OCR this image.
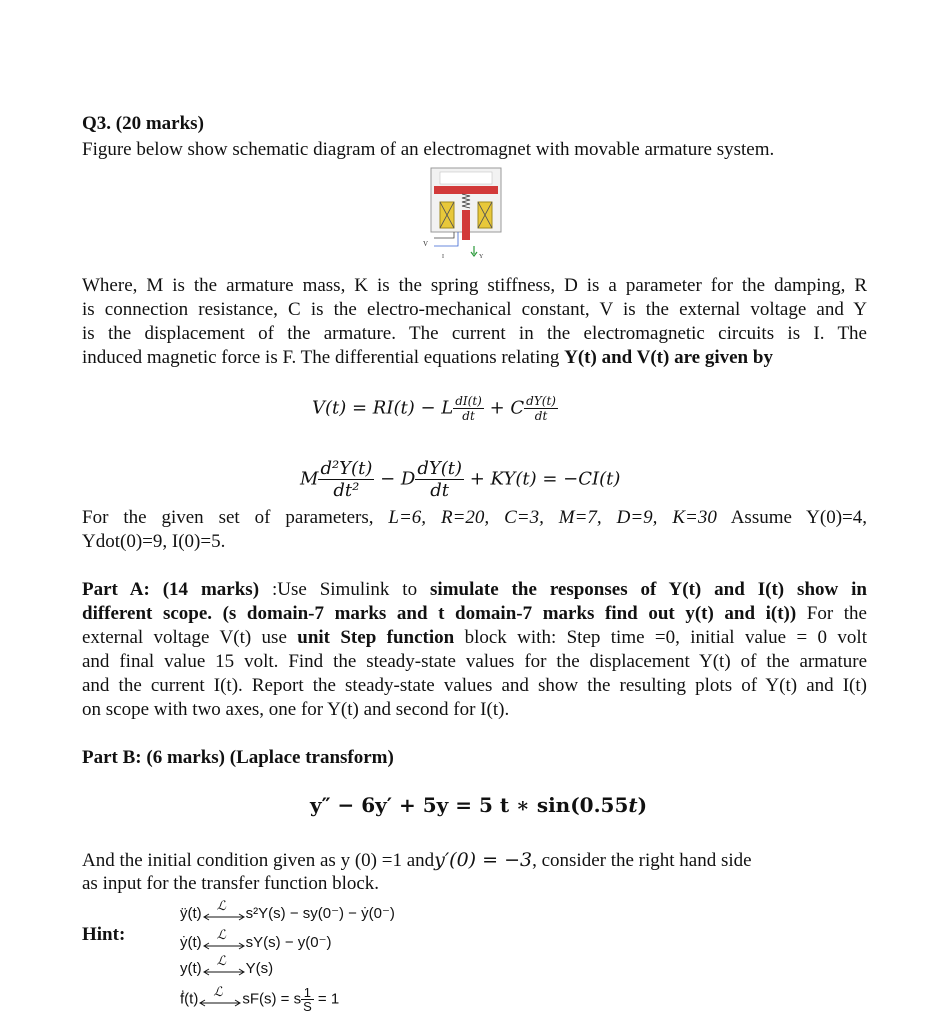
Q3. (20 marks)
Figure below show schematic diagram of an electromagnet with movable armature system.
V
I	Y
Where, M is the armature mass, K is the spring stiffness, D is a parameter for the damping, R
is connection resistance, C is the electro-mechanical constant, V is the external voltage and Y
is the displacement of the armature. The current in the electromagnetic circuits is I. The
induced magnetic force is F. The differential equations relating Y(t) and V(t) are given by
V(t) = RI(t) − L $\frac{dI(t)}{dt} + C \frac{dY(t)}{dt}$
M $\frac{\text{d²Y(t)}}{\text{dt²}} - D \frac{dY(t)}{dt} + KY(t) = -CI(t)$
For the given set of parameters, L=6, R=20, C=3, M=7, D=9, K=30 Assume Y(0)=4,
Ydot(0)=9, I(0)=5.
Part A: (14 marks) :Use Simulink to simulate the responses of Y(t) and I(t) show in
different scope. (s domain-7 marks and t domain-7 marks find out y(t) and i(t)) For the
external voltage V(t) use unit Step function block with: Step time =0, initial value = 0 volt
and final value 15 volt. Find the steady-state values for the displacement Y(t) of the armature
and the current I(t). Report the steady-state values and show the resulting plots of Y(t) and I(t)
on scope with two axes, one for Y(t) and second for I(t).
Part B: (6 marks) (Laplace transform)
y″ − 6y′ + 5y = 5 t ∗ sin(0.55t)
And the initial condition given as y (0) =1 andy′(0) = −3, consider the right hand side
as input for the transfer function block.
Hint:
ÿ(t) ℒ s²Y(s) − sy(0⁻) − ẏ(0⁻)
ẏ(t) ℒ sY(s) − y(0⁻)
y(t) ℒ Y(s)
ḟ(t) ℒ sF(s) = s $\frac{1}{S} = 1$
